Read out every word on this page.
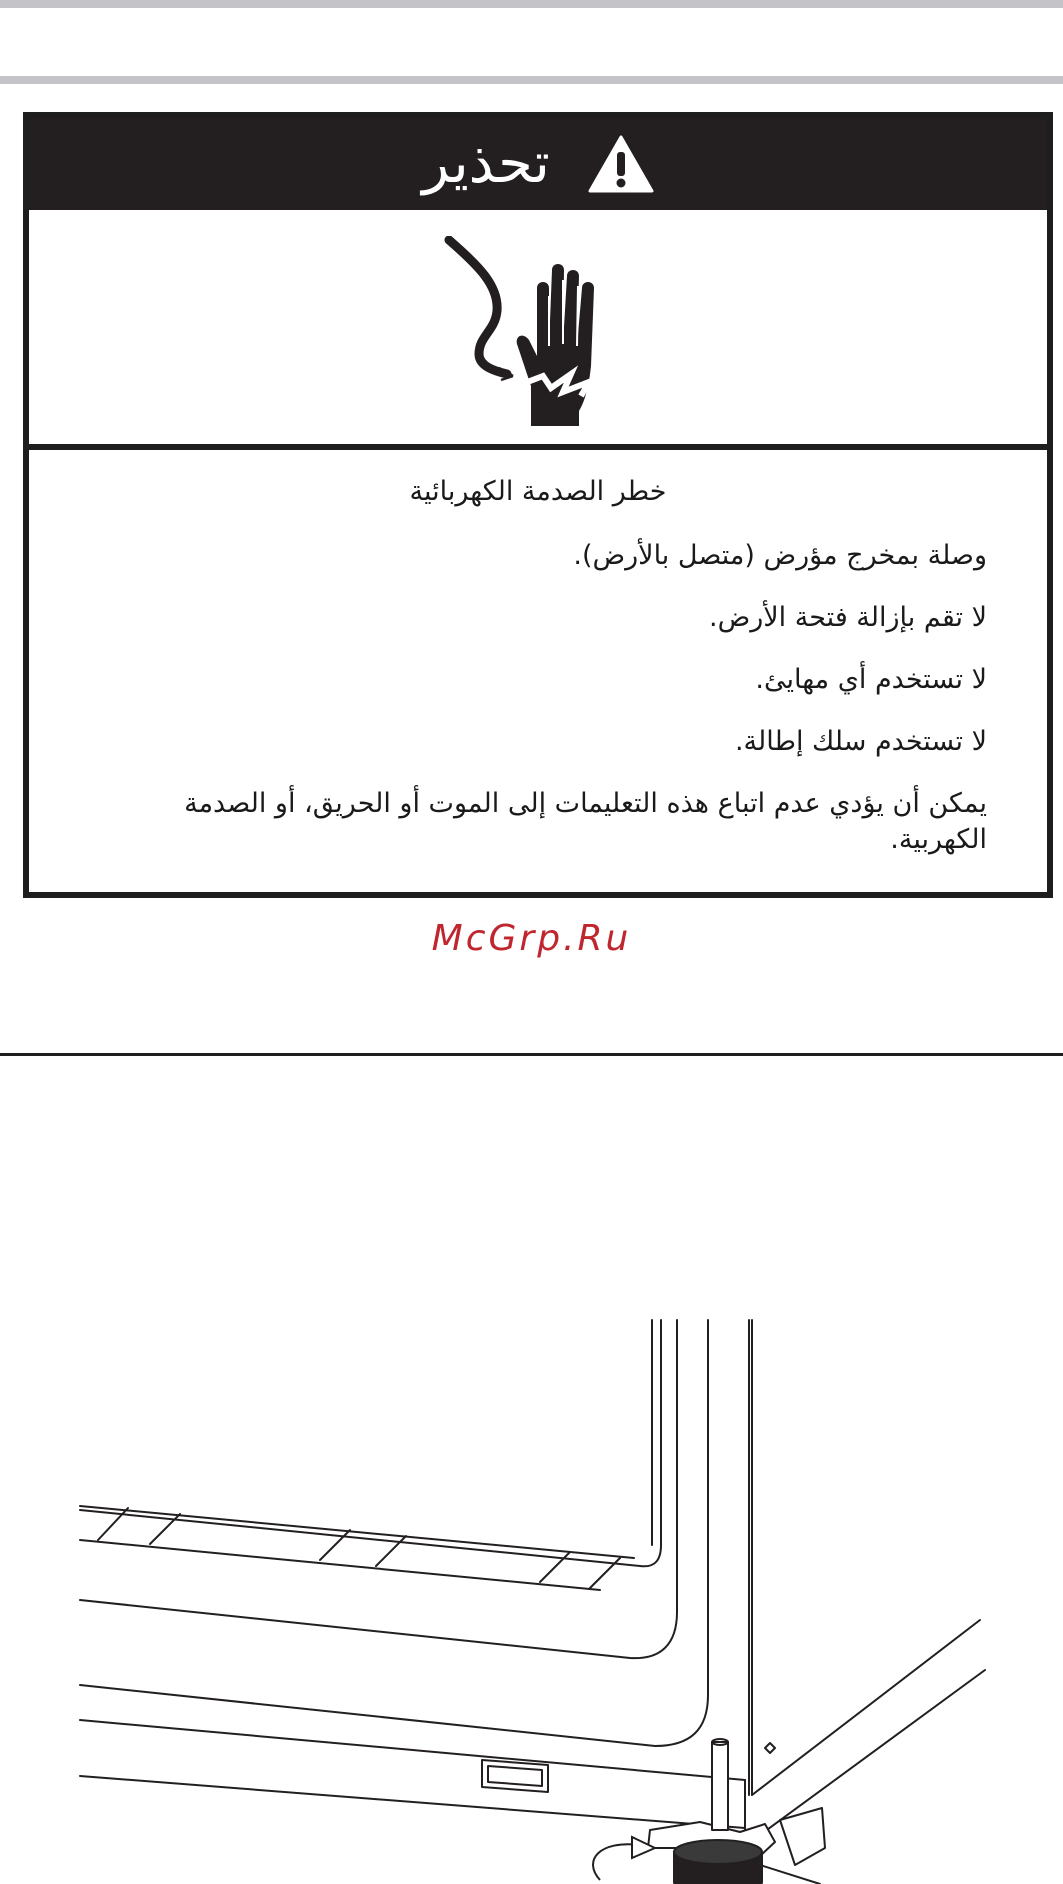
تحذير
خطر الصدمة الكهربائية
وصلة بمخرج مؤرض (متصل بالأرض).
لا تقم بإزالة فتحة الأرض.
لا تستخدم أي مهايئ.
لا تستخدم سلك إطالة.
يمكن أن يؤدي عدم اتباع هذه التعليمات إلى الموت أو الحريق، أو الصدمة الكهربية.
McGrp.Ru
